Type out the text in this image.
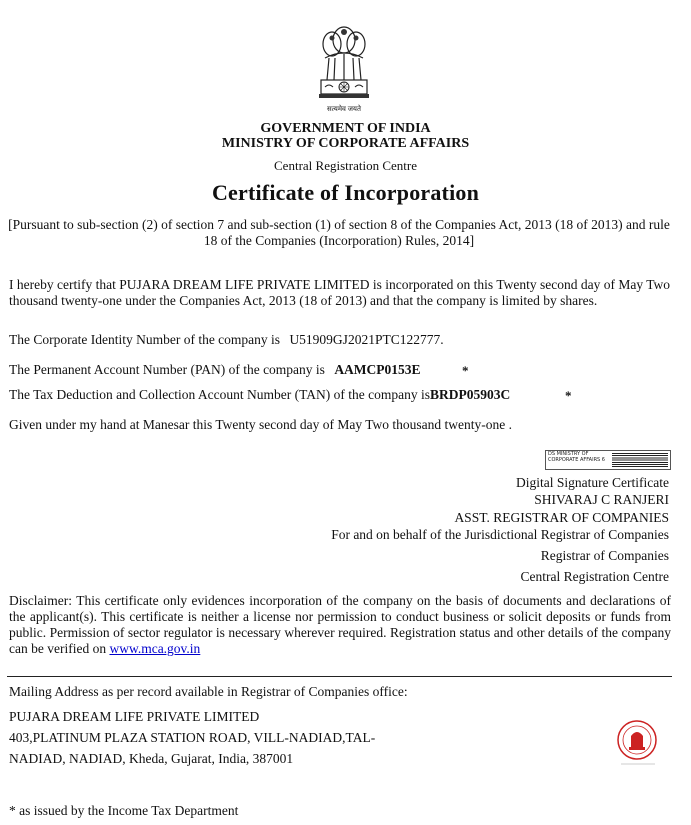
सत्यमेव जयते
GOVERNMENT OF INDIA
MINISTRY OF CORPORATE AFFAIRS
Central Registration Centre
Certificate of Incorporation
[Pursuant to sub-section (2) of section 7 and sub-section (1) of section 8 of the Companies Act, 2013 (18 of 2013) and rule 18 of the Companies (Incorporation) Rules, 2014]
I hereby certify that PUJARA DREAM LIFE PRIVATE LIMITED is incorporated on this Twenty second day of May Two thousand twenty-one under the Companies Act, 2013 (18 of 2013) and that the company is limited by shares.
The Corporate Identity Number of the company is U51909GJ2021PTC122777.
The Permanent Account Number (PAN) of the company is AAMCP0153E	*
The Tax Deduction and Collection Account Number (TAN) of the company isBRDP05903C	*
Given under my hand at Manesar this Twenty second day of May Two thousand twenty-one .
DS MINISTRY OF CORPORATE AFFAIRS 6
Digital Signature Certificate
SHIVARAJ C RANJERI
ASST. REGISTRAR OF COMPANIES
For and on behalf of the Jurisdictional Registrar of Companies
Registrar of Companies
Central Registration Centre
Disclaimer: This certificate only evidences incorporation of the company on the basis of documents and declarations of the applicant(s). This certificate is neither a license nor permission to conduct business or solicit deposits or funds from public. Permission of sector regulator is necessary wherever required. Registration status and other details of the company can be verified on www.mca.gov.in
Mailing Address as per record available in Registrar of Companies office:
PUJARA DREAM LIFE PRIVATE LIMITED
403,PLATINUM PLAZA STATION ROAD, VILL-NADIAD,TAL-
NADIAD, NADIAD, Kheda, Gujarat, India, 387001
* as issued by the Income Tax Department
